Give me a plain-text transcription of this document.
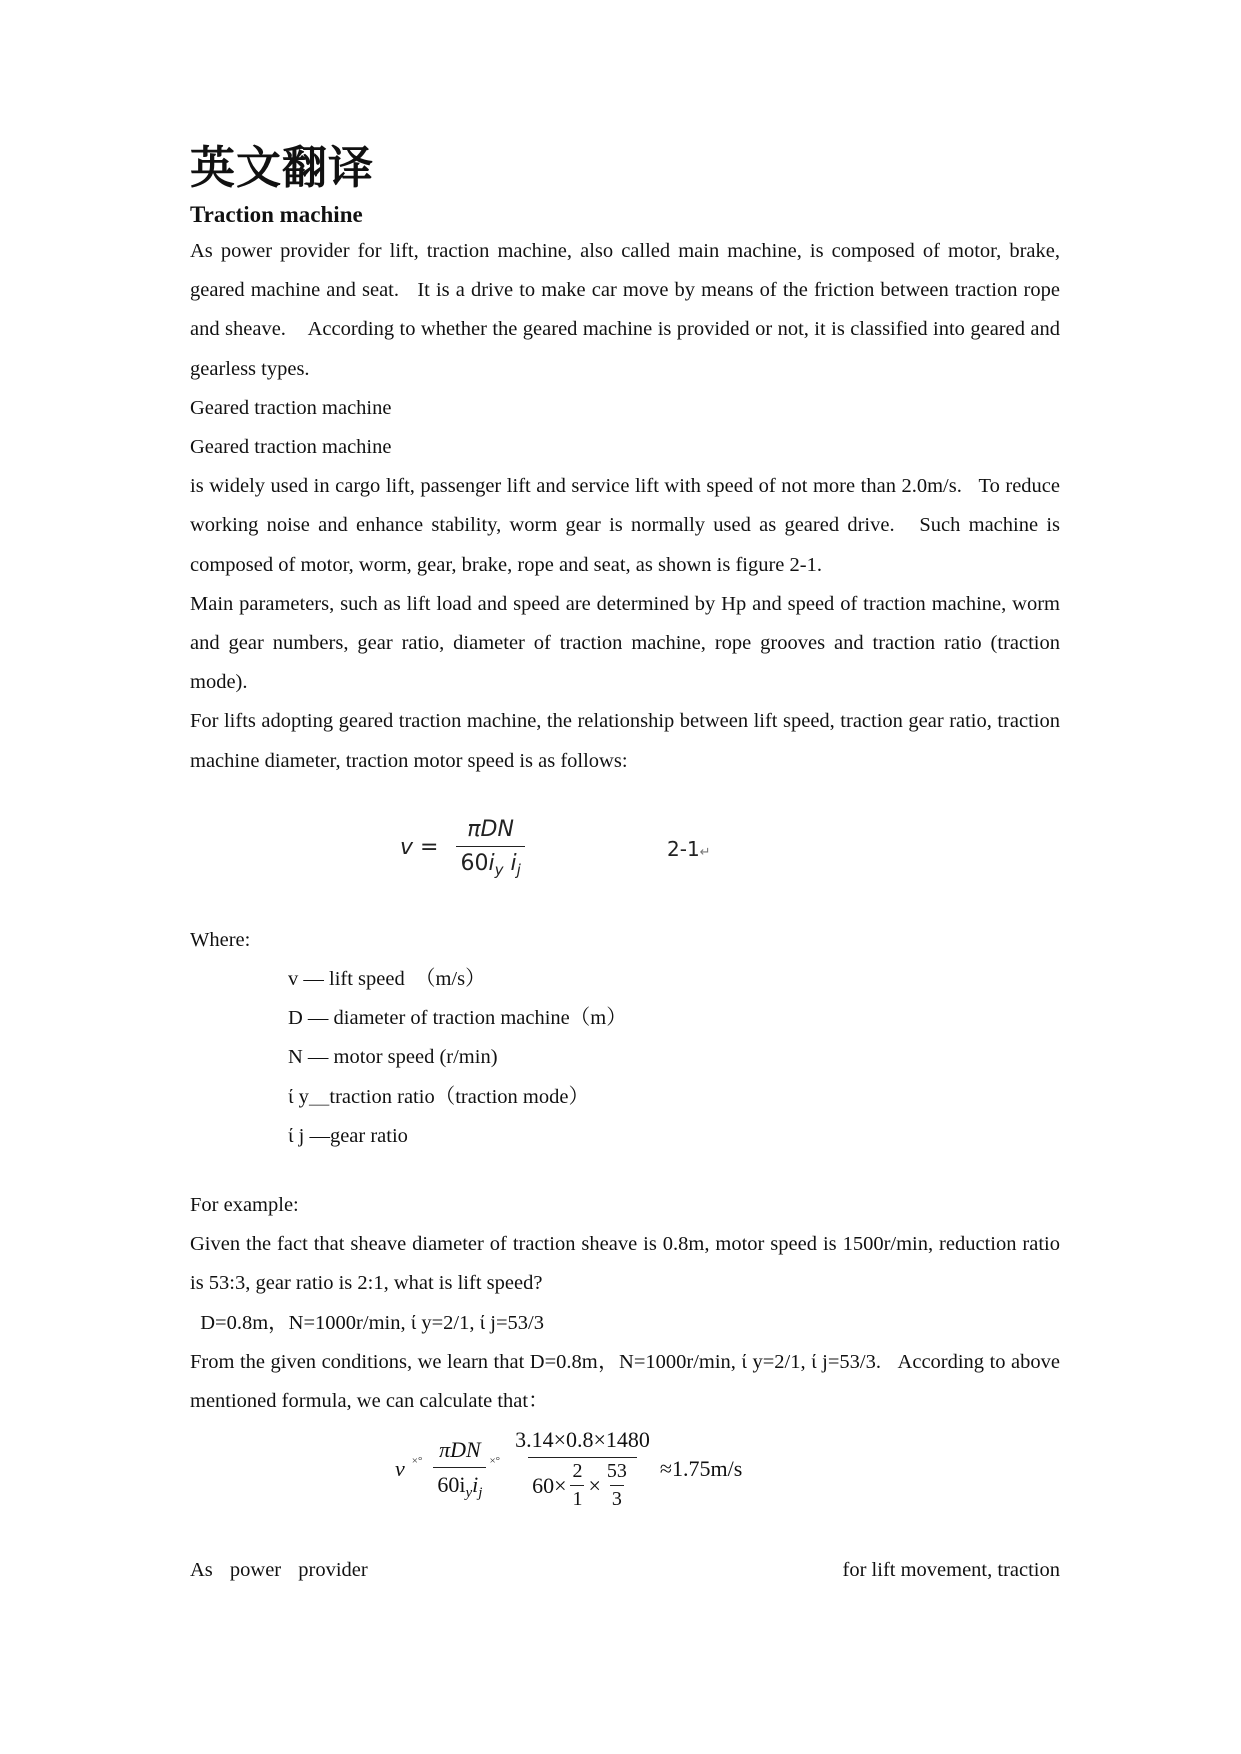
英文翻译
Traction machine

As power provider for lift, traction machine, also called main machine, is composed of motor, brake, geared machine and seat.   It is a drive to make car move by means of the friction between traction rope and sheave.    According to whether the geared machine is provided or not, it is classified into geared and gearless types.

Geared traction machine

Geared traction machine

is widely used in cargo lift, passenger lift and service lift with speed of not more than 2.0m/s.   To reduce working noise and enhance stability, worm gear is normally used as geared drive.   Such machine is composed of motor, worm, gear, brake, rope and seat, as shown is figure 2-1.

Main parameters, such as lift load and speed are determined by Hp and speed of traction machine, worm and gear numbers, gear ratio, diameter of traction machine, rope grooves and traction ratio (traction mode).

For lifts adopting geared traction machine, the relationship between lift speed, traction gear ratio, traction machine diameter, traction motor speed is as follows:

$v = \frac{\text{πDN}}{60i_y i_j}$	2-1↵

Where:

v — lift speed  （m/s）

D — diameter of traction machine（m）

N — motor speed (r/min)

ί y＿traction ratio（traction mode）

ί j —gear ratio

For example:

Given the fact that sheave diameter of traction sheave is 0.8m, motor speed is 1500r/min, reduction ratio is 53:3, gear ratio is 2:1, what is lift speed?

D=0.8m，N=1000r/min, ί y=2/1, ί j=53/3

From the given conditions, we learn that D=0.8m，N=1000r/min, ί y=2/1, ί j=53/3.   According to above mentioned formula, we can calculate that：

v ×° $\frac{\text{πDN}}{60i_yi_j}$ ×° $\frac{3.14\times 0.8\times 1480}{60\times \frac{2}{1} \times \frac{53}{3}} \approx 1.75m/s$
As power provider	for lift movement, traction
